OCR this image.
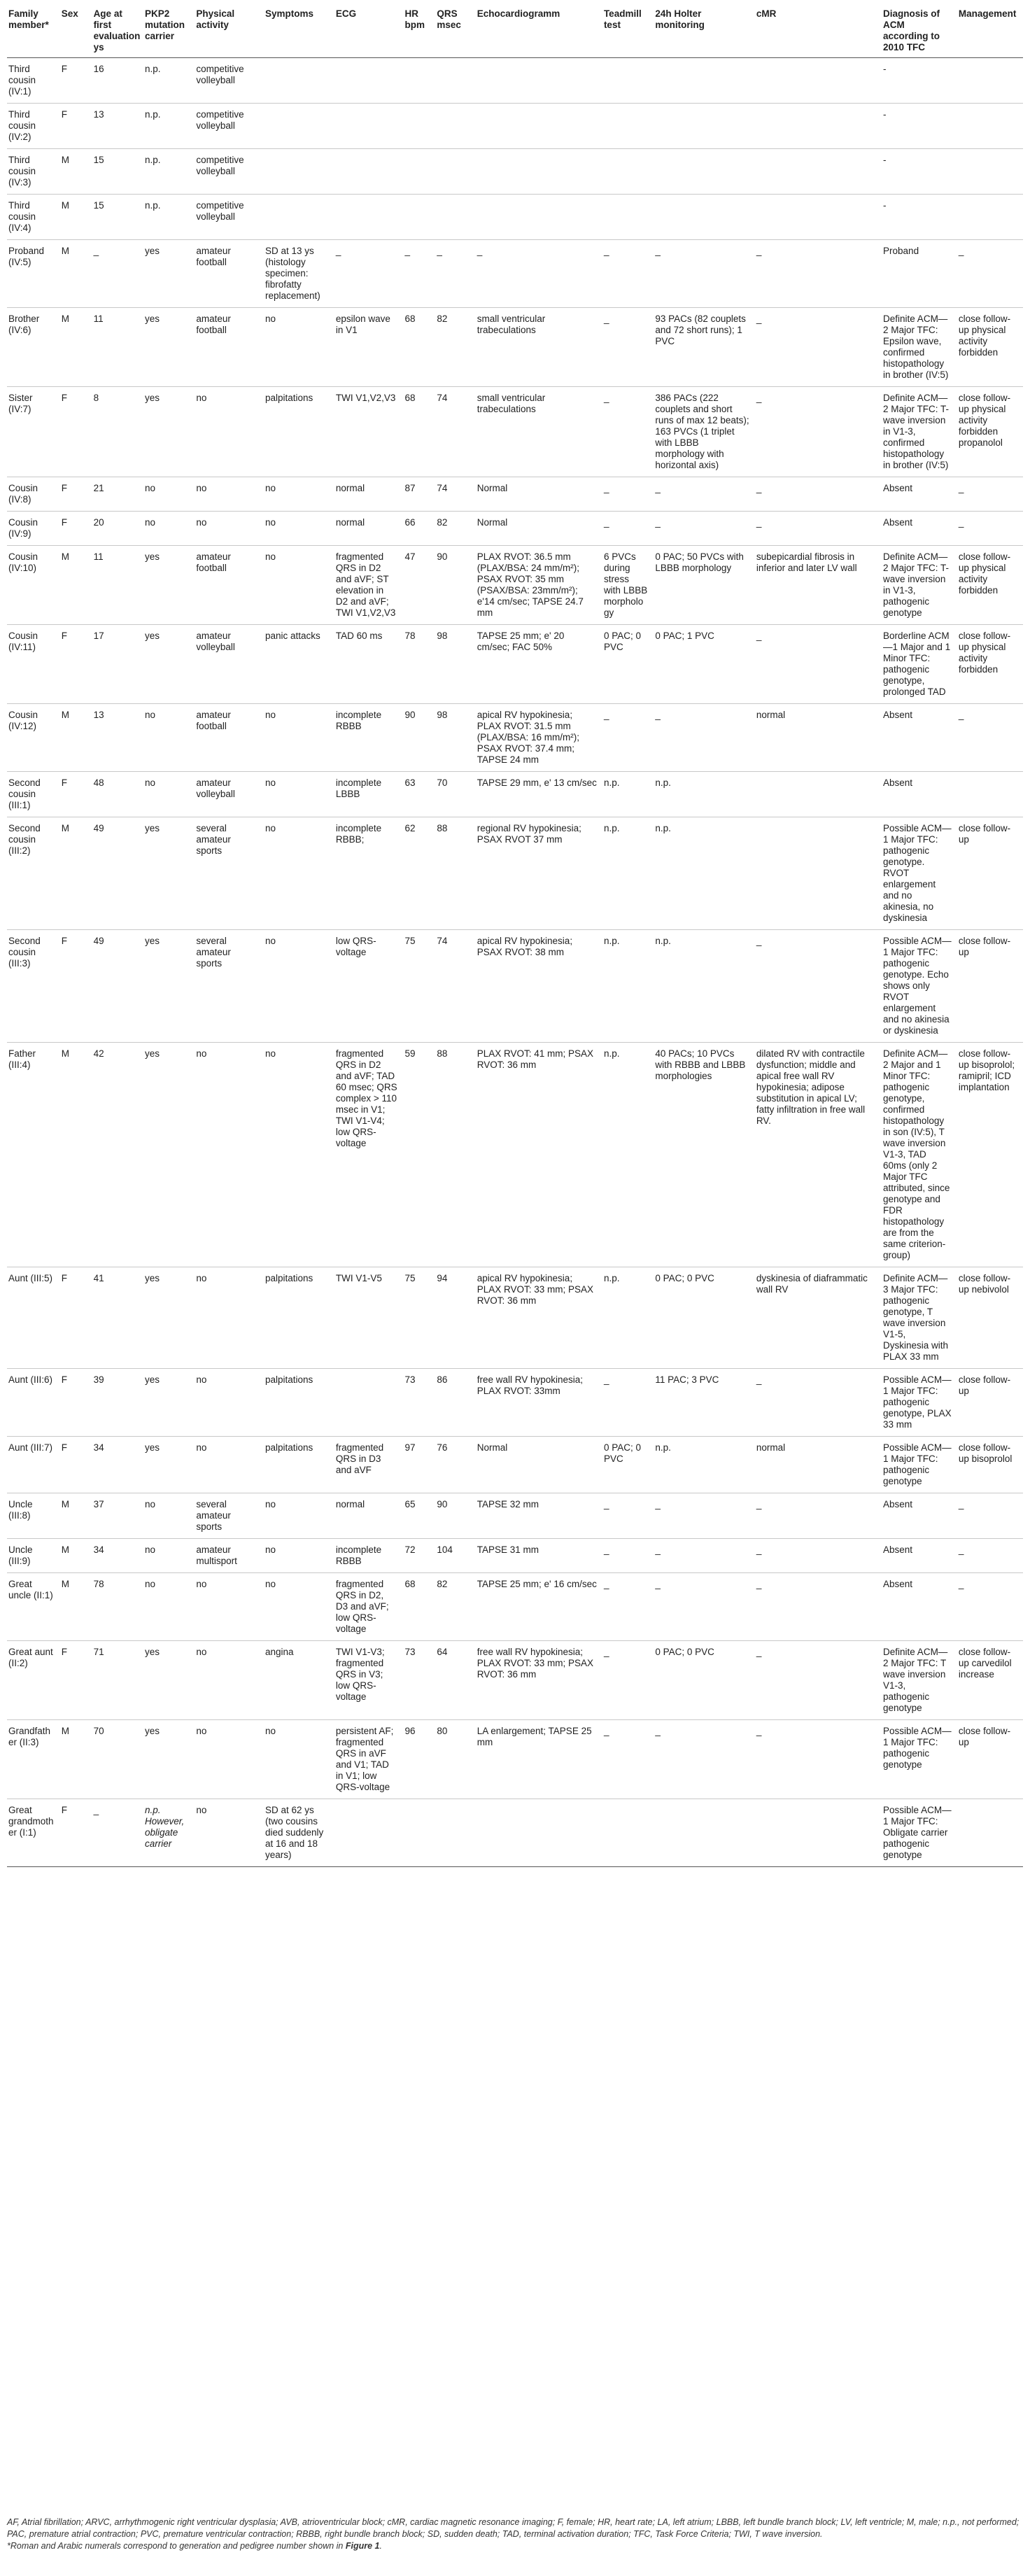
Family member*	Sex	Age at first evaluation ys	PKP2 mutation carrier	Physical activity	Symptoms	ECG	HR bpm	QRS msec	Echocardiogramm	Teadmill test	24h Holter monitoring	cMR	Diagnosis of ACM according to 2010 TFC	Management
Third cousin (IV:1)	F	16	n.p.	competitive volleyball									-	
Third cousin (IV:2)	F	13	n.p.	competitive volleyball									-	
Third cousin (IV:3)	M	15	n.p.	competitive volleyball									-	
Third cousin (IV:4)	M	15	n.p.	competitive volleyball									-	
Proband (IV:5)	M	_	yes	amateur football	SD at 13 ys (histology specimen: fibrofatty replacement)	_	_	_	_	_	_	_	Proband	_
Brother (IV:6)	M	11	yes	amateur football	no	epsilon wave in V1	68	82	small ventricular trabeculations	_	93 PACs (82 couplets and 72 short runs); 1 PVC	_	Definite ACM—2 Major TFC: Epsilon wave, confirmed histopathology in brother (IV:5)	close follow-up physical activity forbidden
Sister (IV:7)	F	8	yes	no	palpitations	TWI V1,V2,V3	68	74	small ventricular trabeculations	_	386 PACs (222 couplets and short runs of max 12 beats); 163 PVCs (1 triplet with LBBB morphology with horizontal axis)	_	Definite ACM—2 Major TFC: T- wave inversion in V1-3, confirmed histopathology in brother (IV:5)	close follow-up physical activity forbidden propanolol
Cousin (IV:8)	F	21	no	no	no	normal	87	74	Normal	_	_	_	Absent	_
Cousin (IV:9)	F	20	no	no	no	normal	66	82	Normal	_	_	_	Absent	_
Cousin (IV:10)	M	11	yes	amateur football	no	fragmented QRS in D2 and aVF; ST elevation in D2 and aVF; TWI V1,V2,V3	47	90	PLAX RVOT: 36.5 mm (PLAX/BSA: 24 mm/m²); PSAX RVOT: 35 mm (PSAX/BSA: 23mm/m²); e'14 cm/sec; TAPSE 24.7 mm	6 PVCs during stress with LBBB morphology	0 PAC; 50 PVCs with LBBB morphology	subepicardial fibrosis in inferior and later LV wall	Definite ACM—2 Major TFC: T- wave inversion in V1-3, pathogenic genotype	close follow-up physical activity forbidden
Cousin (IV:11)	F	17	yes	amateur volleyball	panic attacks	TAD 60 ms	78	98	TAPSE 25 mm; e' 20 cm/sec; FAC 50%	0 PAC; 0 PVC	0 PAC; 1 PVC	_	Borderline ACM—1 Major and 1 Minor TFC: pathogenic genotype, prolonged TAD	close follow-up physical activity forbidden
Cousin (IV:12)	M	13	no	amateur football	no	incomplete RBBB	90	98	apical RV hypokinesia; PLAX RVOT: 31.5 mm (PLAX/BSA: 16 mm/m²); PSAX RVOT: 37.4 mm; TAPSE 24 mm	_	_	normal	Absent	_
Second cousin (III:1)	F	48	no	amateur volleyball	no	incomplete LBBB	63	70	TAPSE 29 mm, e' 13 cm/sec	n.p.	n.p.		Absent	
Second cousin (III:2)	M	49	yes	several amateur sports	no	incomplete RBBB;	62	88	regional RV hypokinesia; PSAX RVOT 37 mm	n.p.	n.p.		Possible ACM—1 Major TFC: pathogenic genotype. RVOT enlargement and no akinesia, no dyskinesia	close follow-up
Second cousin (III:3)	F	49	yes	several amateur sports	no	low QRS-voltage	75	74	apical RV hypokinesia; PSAX RVOT: 38 mm	n.p.	n.p.	_	Possible ACM—1 Major TFC: pathogenic genotype. Echo shows only RVOT enlargement and no akinesia or dyskinesia	close follow-up
Father (III:4)	M	42	yes	no	no	fragmented QRS in D2 and aVF; TAD 60 msec; QRS complex > 110 msec in V1; TWI V1-V4; low QRS-voltage	59	88	PLAX RVOT: 41 mm; PSAX RVOT: 36 mm	n.p.	40 PACs; 10 PVCs with RBBB and LBBB morphologies	dilated RV with contractile dysfunction; middle and apical free wall RV hypokinesia; adipose substitution in apical LV; fatty infiltration in free wall RV.	Definite ACM—2 Major and 1 Minor TFC: pathogenic genotype, confirmed histopathology in son (IV:5), T wave inversion V1-3, TAD 60ms (only 2 Major TFC attributed, since genotype and FDR histopathology are from the same criterion-group)	close follow-up bisoprolol; ramipril; ICD implantation
Aunt (III:5)	F	41	yes	no	palpitations	TWI V1-V5	75	94	apical RV hypokinesia; PLAX RVOT: 33 mm; PSAX RVOT: 36 mm	n.p.	0 PAC; 0 PVC	dyskinesia of diaframmatic wall RV	Definite ACM—3 Major TFC: pathogenic genotype, T wave inversion V1-5, Dyskinesia with PLAX 33 mm	close follow-up nebivolol
Aunt (III:6)	F	39	yes	no	palpitations		73	86	free wall RV hypokinesia; PLAX RVOT: 33mm	_	11 PAC; 3 PVC	_	Possible ACM—1 Major TFC: pathogenic genotype, PLAX 33 mm	close follow-up
Aunt (III:7)	F	34	yes	no	palpitations	fragmented QRS in D3 and aVF	97	76	Normal	0 PAC; 0 PVC	n.p.	normal	Possible ACM—1 Major TFC: pathogenic genotype	close follow-up bisoprolol
Uncle (III:8)	M	37	no	several amateur sports	no	normal	65	90	TAPSE 32 mm	_	_	_	Absent	_
Uncle (III:9)	M	34	no	amateur multisport	no	incomplete RBBB	72	104	TAPSE 31 mm	_	_	_	Absent	_
Great uncle (II:1)	M	78	no	no	no	fragmented QRS in D2, D3 and aVF; low QRS-voltage	68	82	TAPSE 25 mm; e' 16 cm/sec	_	_	_	Absent	_
Great aunt (II:2)	F	71	yes	no	angina	TWI V1-V3; fragmented QRS in V3; low QRS-voltage	73	64	free wall RV hypokinesia; PLAX RVOT: 33 mm; PSAX RVOT: 36 mm	_	0 PAC; 0 PVC	_	Definite ACM—2 Major TFC: T wave inversion V1-3, pathogenic genotype	close follow-up carvedilol increase
Grandfather (II:3)	M	70	yes	no	no	persistent AF; fragmented QRS in aVF and V1; TAD in V1; low QRS-voltage	96	80	LA enlargement; TAPSE 25 mm	_	_	_	Possible ACM—1 Major TFC: pathogenic genotype	close follow-up
Great grandmother (I:1)	F	_	n.p. However, obligate carrier	no	SD at 62 ys (two cousins died suddenly at 16 and 18 years)								Possible ACM—1 Major TFC: Obligate carrier pathogenic genotype	
AF, Atrial fibrillation; ARVC, arrhythmogenic right ventricular dysplasia; AVB, atrioventricular block; cMR, cardiac magnetic resonance imaging; F, female; HR, heart rate; LA, left atrium; LBBB, left bundle branch block; LV, left ventricle; M, male; n.p., not performed; PAC, premature atrial contraction; PVC, premature ventricular contraction; RBBB, right bundle branch block; SD, sudden death; TAD, terminal activation duration; TFC, Task Force Criteria; TWI, T wave inversion.
*Roman and Arabic numerals correspond to generation and pedigree number shown in Figure 1.
